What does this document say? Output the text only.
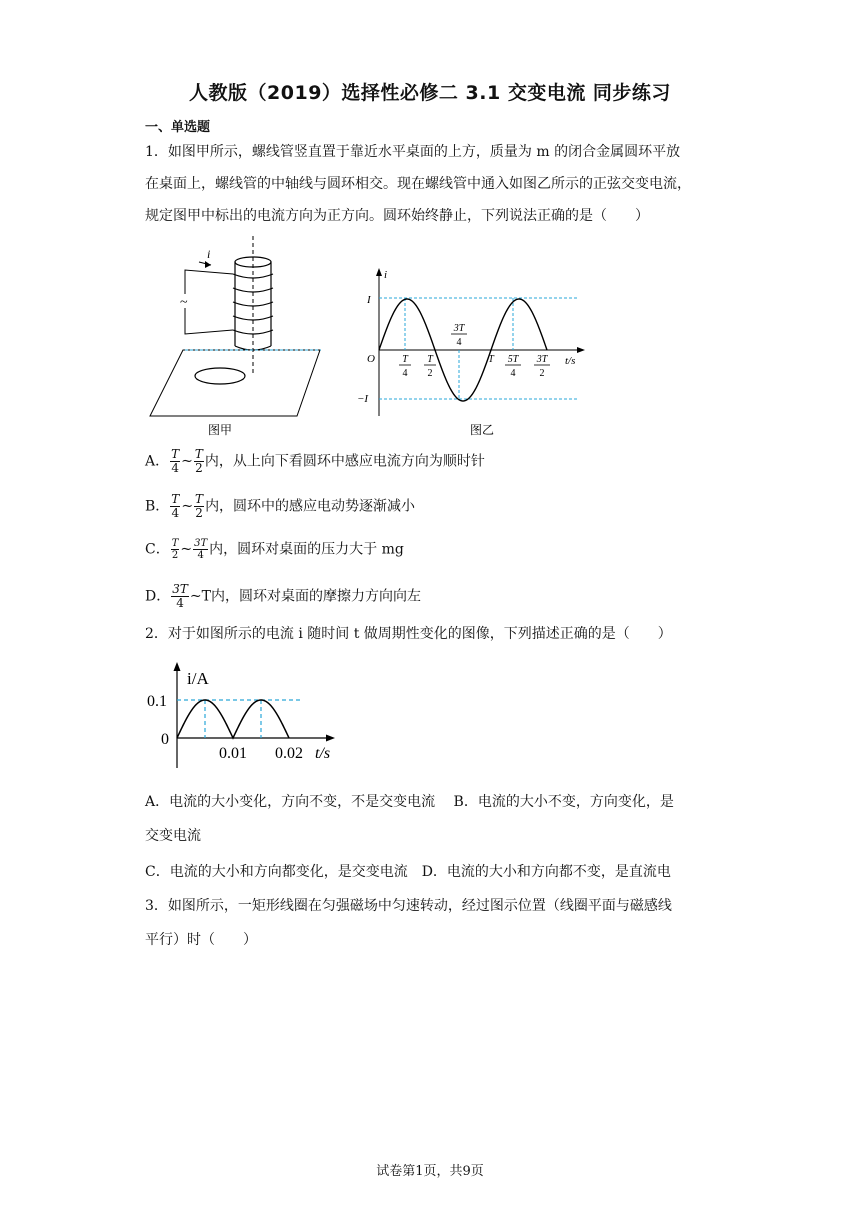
人教版（2019）选择性必修二 3.1 交变电流 同步练习
一、单选题
1．如图甲所示，螺线管竖直置于靠近水平桌面的上方，质量为 m 的闭合金属圆环平放
在桌面上，螺线管的中轴线与圆环相交。现在螺线管中通入如图乙所示的正弦交变电流，
规定图甲中标出的电流方向为正方向。圆环始终静止，下列说法正确的是（　　）
i
~
图甲
i
t/s
O
I
−I
T
4
T
2
3T
4
T 5T
4
3T
2
图乙
A． $\frac{T}{4}$ ~ $\frac{T}{2}$ 内，从上向下看圆环中感应电流方向为顺时针
B． $\frac{T}{4}$ ~ $\frac{T}{2}$ 内，圆环中的感应电动势逐渐减小
C． $\frac{T}{2}$ ~ $\frac{3T}{4}$ 内，圆环对桌面的压力大于 mg
D． $\frac{3T}{4}$ ~T内，圆环对桌面的摩擦力方向向左
2．对于如图所示的电流 i 随时间 t 做周期性变化的图像，下列描述正确的是（　　）
i/A
t/s
0.1
0
0.01 0.02
A．电流的大小变化，方向不变，不是交变电流　 B．电流的大小不变，方向变化，是
交变电流
C．电流的大小和方向都变化，是交变电流　D．电流的大小和方向都不变，是直流电
3．如图所示，一矩形线圈在匀强磁场中匀速转动，经过图示位置（线圈平面与磁感线
平行）时（　　）
试卷第1页，共9页
